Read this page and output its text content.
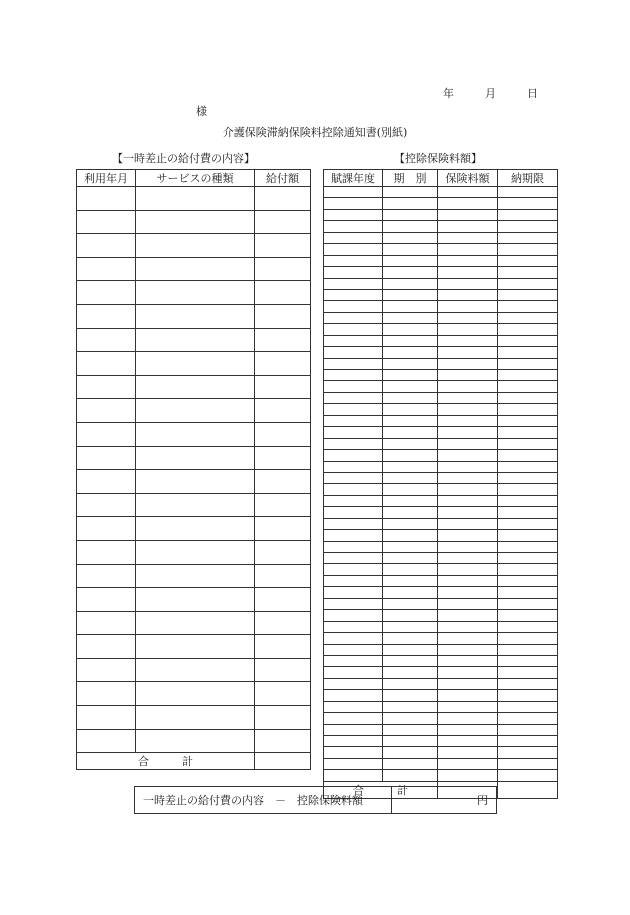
年	月	日
様
介護保険滞納保険料控除通知書(別紙)
【一時差止の給付費の内容】	【控除保険料額】
利用年月	サービスの種類	給付額

合　　　計		
賦課年度	期　別	保険料額	納期限

合　　　計			
一時差止の給付費の内容　－　控除保険料額	円
